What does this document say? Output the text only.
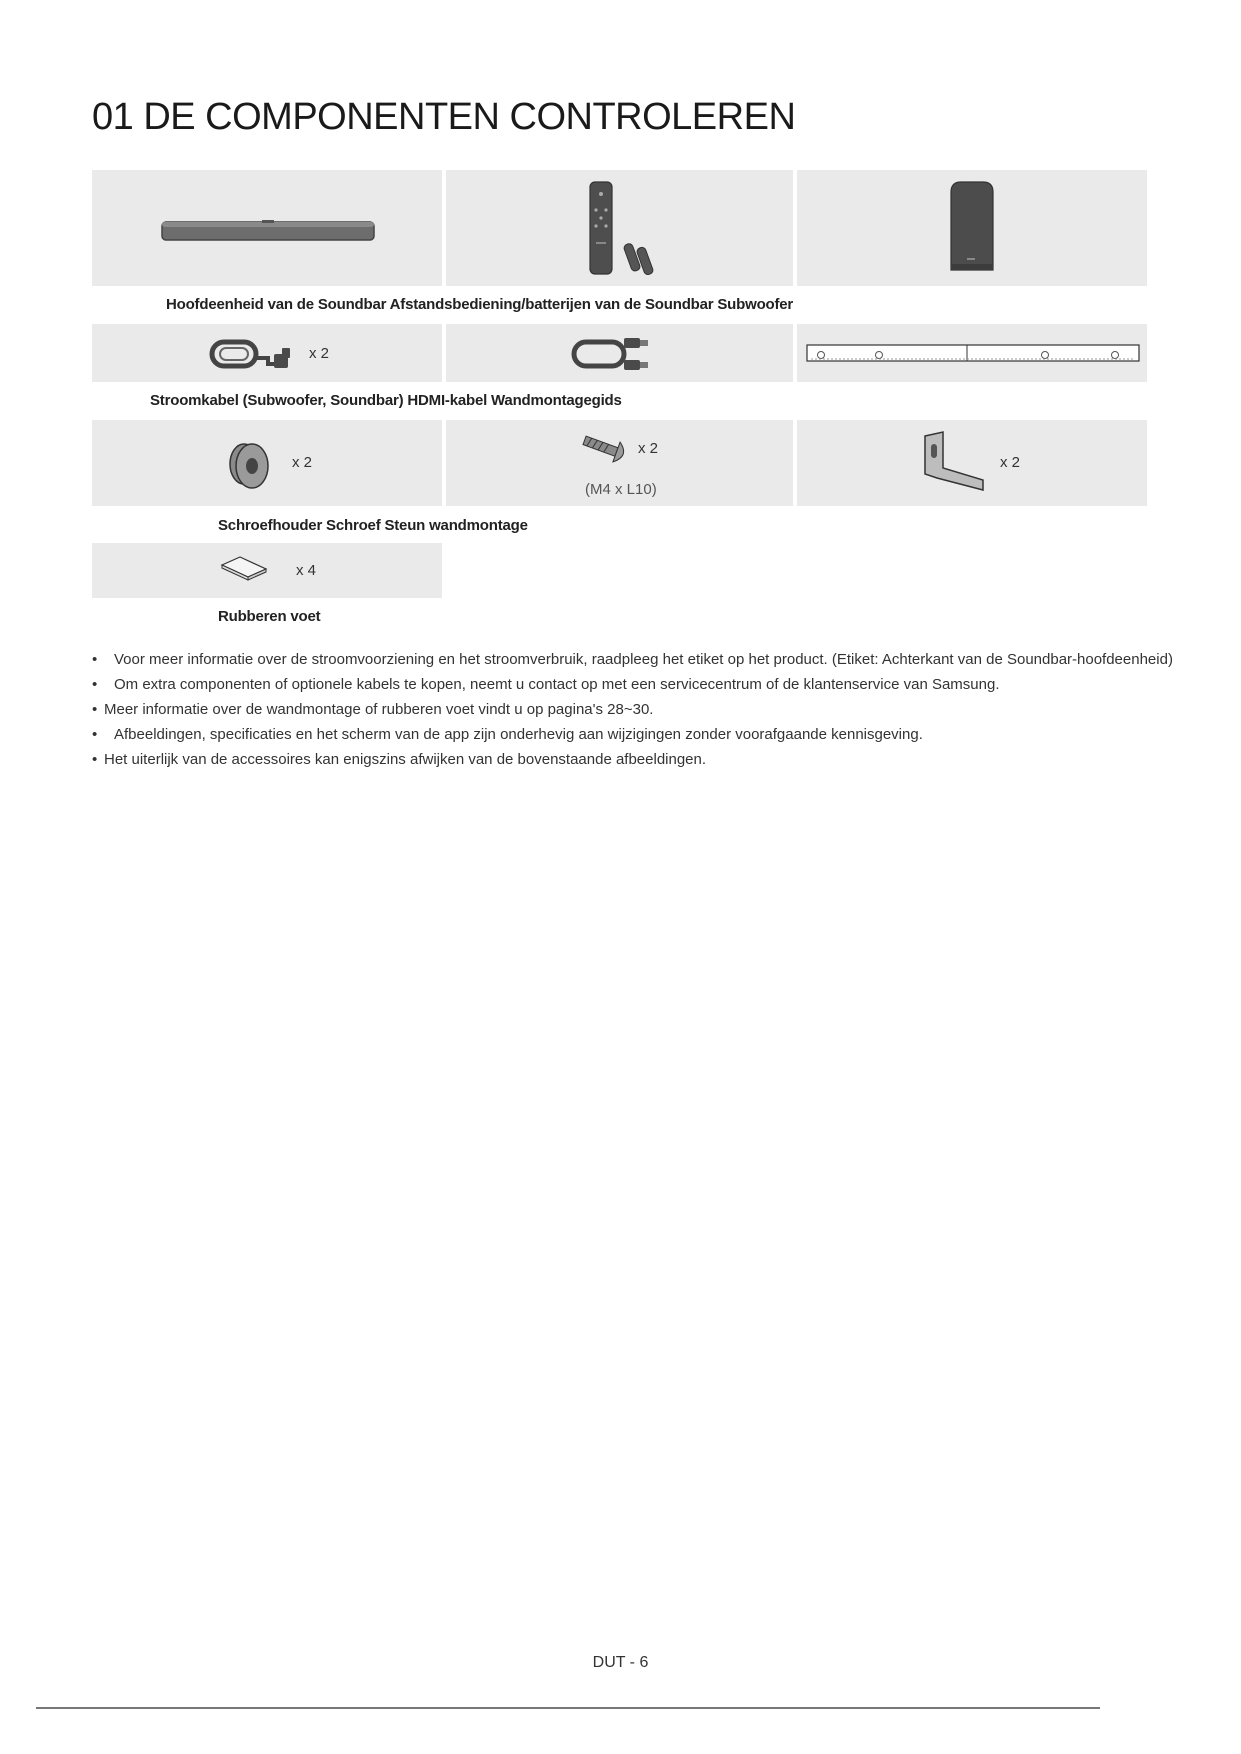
01 DE COMPONENTEN CONTROLEREN
Hoofdeenheid van de Soundbar Afstandsbediening/batterijen van de Soundbar Subwoofer
x 2
Stroomkabel (Subwoofer, Soundbar) HDMI-kabel Wandmontagegids
x 2
x 2
(M4 x L10)
x 2
Schroefhouder Schroef Steun wandmontage
x 4
Rubberen voet
• Voor meer informatie over de stroomvoorziening en het stroomverbruik, raadpleeg het etiket op het product. (Etiket: Achterkant van de Soundbar-hoofdeenheid)
• Om extra componenten of optionele kabels te kopen, neemt u contact op met een servicecentrum of de klantenservice van Samsung.
• Meer informatie over de wandmontage of rubberen voet vindt u op pagina's 28~30.
• Afbeeldingen, specificaties en het scherm van de app zijn onderhevig aan wijzigingen zonder voorafgaande kennisgeving.
• Het uiterlijk van de accessoires kan enigszins afwijken van de bovenstaande afbeeldingen.
DUT - 6
